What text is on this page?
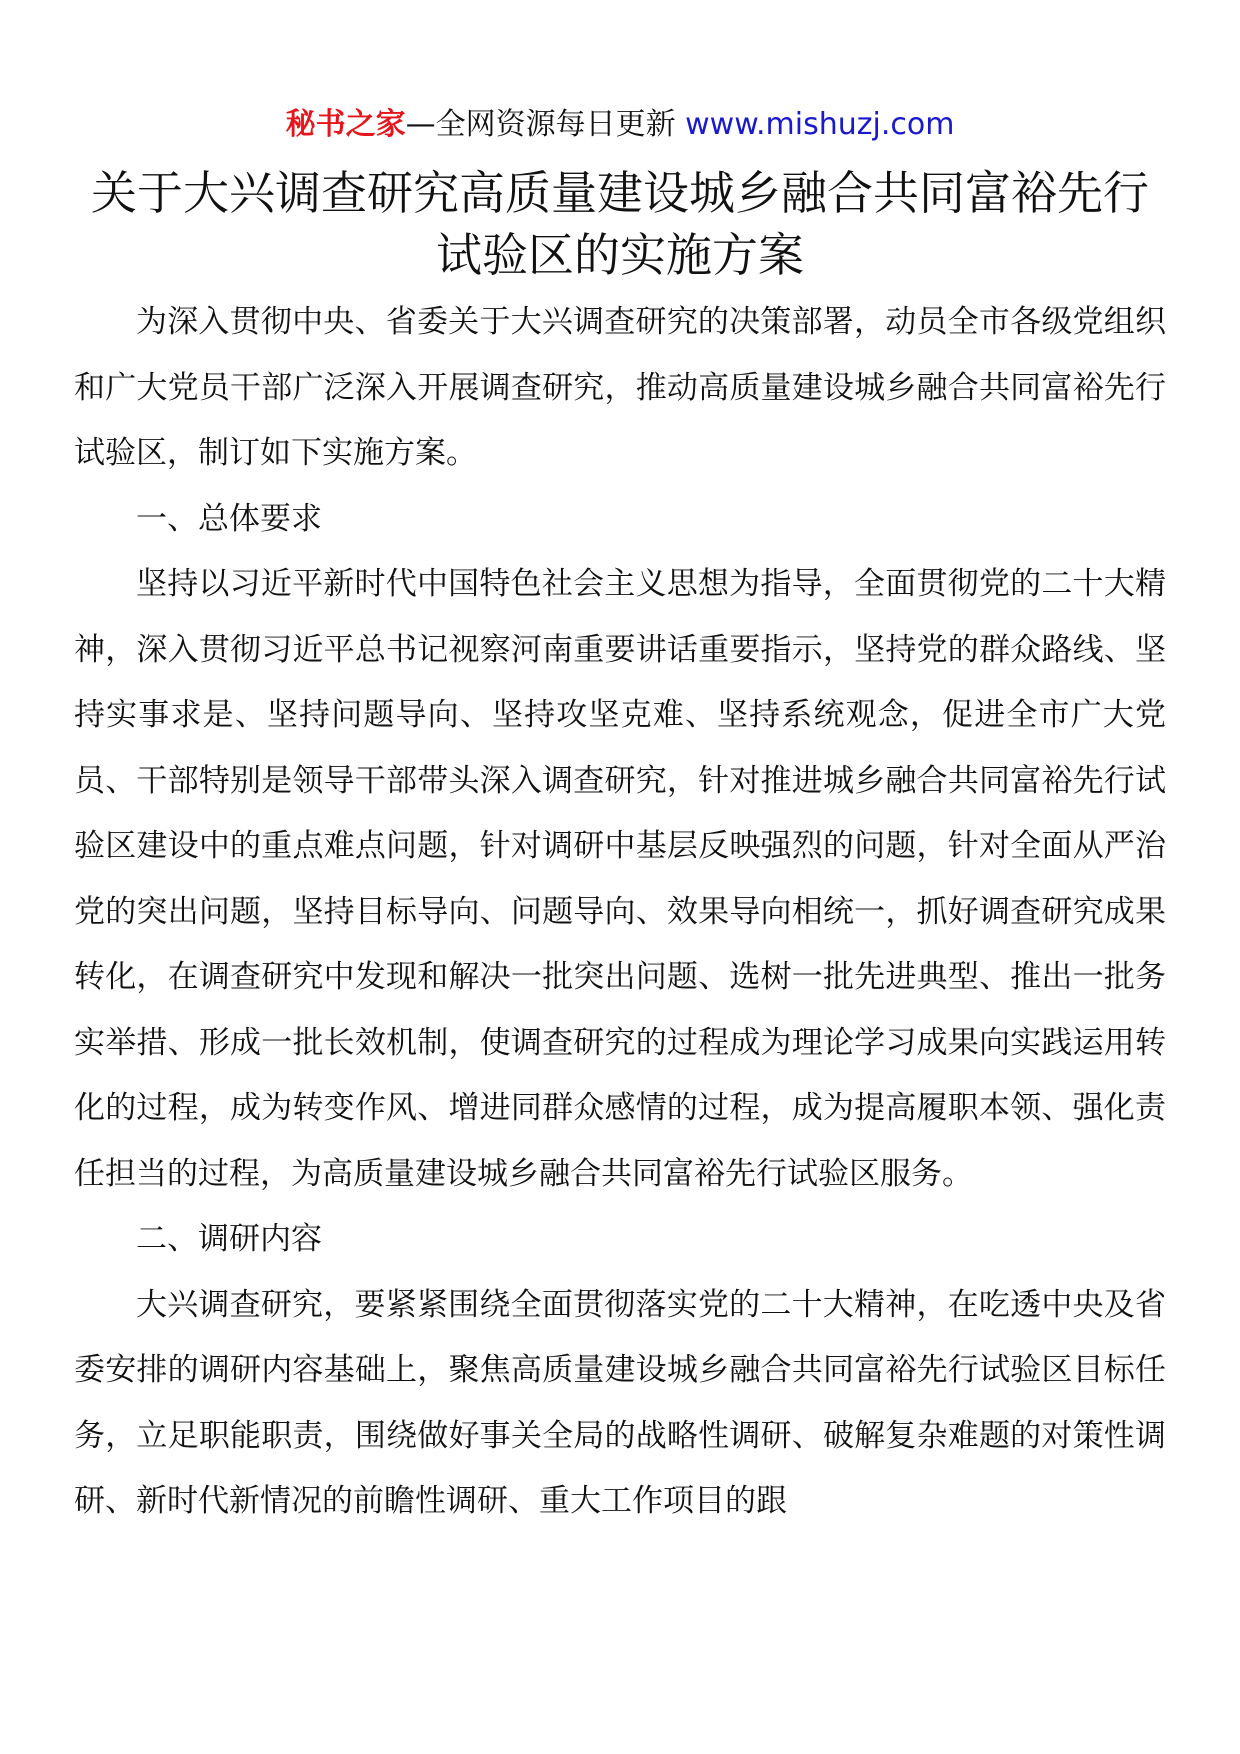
秘书之家—全网资源每日更新 www.mishuzj.com
关于大兴调查研究高质量建设城乡融合共同富裕先行
试验区的实施方案

为深入贯彻中央、省委关于大兴调查研究的决策部署，动员全市各级党组织和广大党员干部广泛深入开展调查研究，推动高质量建设城乡融合共同富裕先行试验区，制订如下实施方案。

一、总体要求

坚持以习近平新时代中国特色社会主义思想为指导，全面贯彻党的二十大精神，深入贯彻习近平总书记视察河南重要讲话重要指示，坚持党的群众路线、坚持实事求是、坚持问题导向、坚持攻坚克难、坚持系统观念，促进全市广大党员、干部特别是领导干部带头深入调查研究，针对推进城乡融合共同富裕先行试验区建设中的重点难点问题，针对调研中基层反映强烈的问题，针对全面从严治党的突出问题，坚持目标导向、问题导向、效果导向相统一，抓好调查研究成果转化，在调查研究中发现和解决一批突出问题、选树一批先进典型、推出一批务实举措、形成一批长效机制，使调查研究的过程成为理论学习成果向实践运用转化的过程，成为转变作风、增进同群众感情的过程，成为提高履职本领、强化责任担当的过程，为高质量建设城乡融合共同富裕先行试验区服务。

二、调研内容

大兴调查研究，要紧紧围绕全面贯彻落实党的二十大精神，在吃透中央及省委安排的调研内容基础上，聚焦高质量建设城乡融合共同富裕先行试验区目标任务，立足职能职责，围绕做好事关全局的战略性调研、破解复杂难题的对策性调研、新时代新情况的前瞻性调研、重大工作项目的跟
